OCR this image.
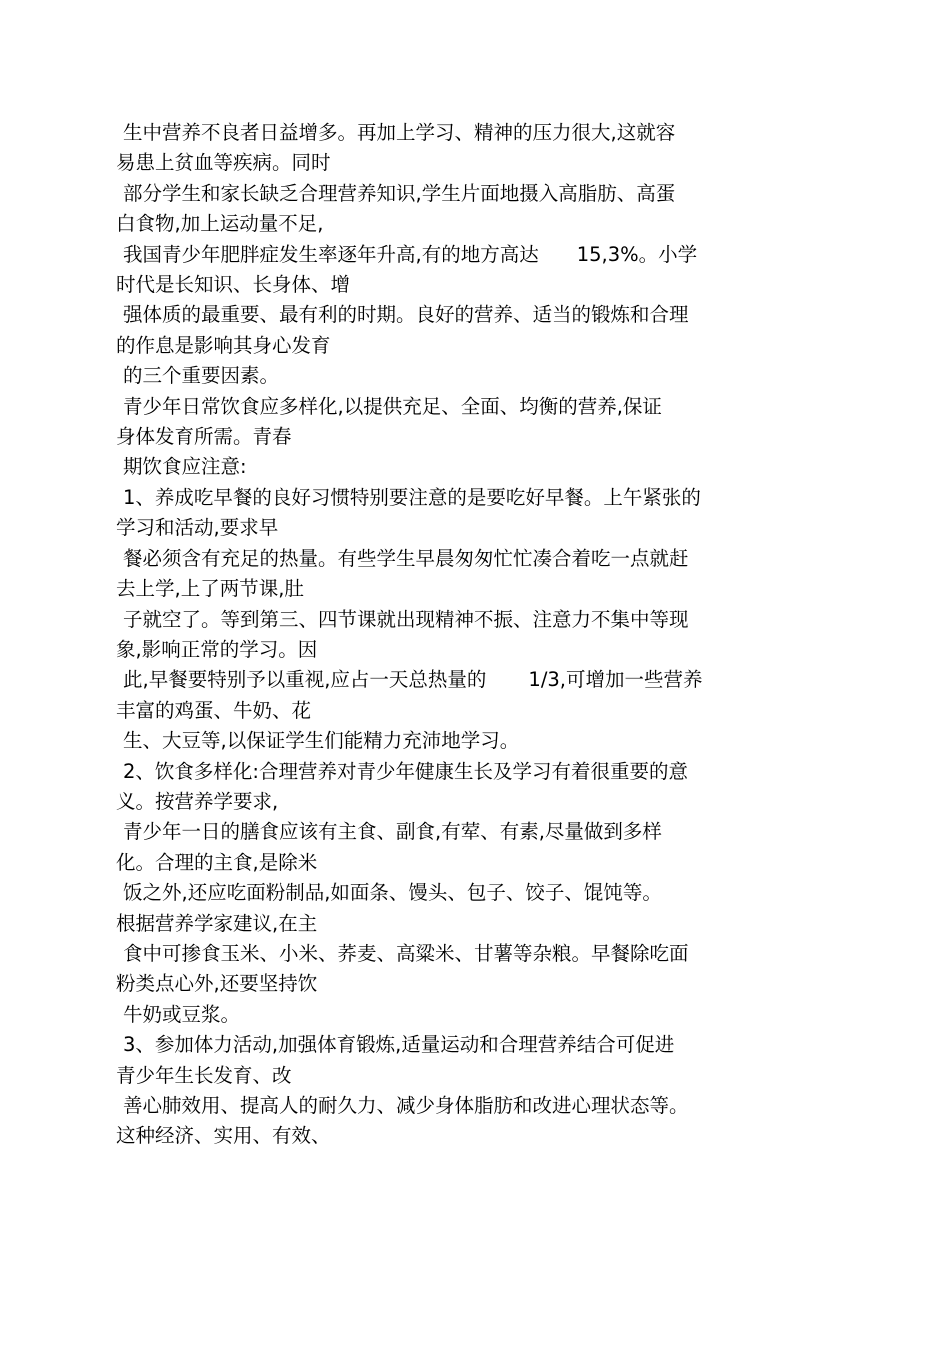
生中营养不良者日益增多。再加上学习、精神的压力很大,这就容
易患上贫血等疾病。同时

部分学生和家长缺乏合理营养知识,学生片面地摄入高脂肪、高蛋
白食物,加上运动量不足,

我国青少年肥胖症发生率逐年升高,有的地方高达 15,3%。小学
时代是长知识、长身体、增

强体质的最重要、最有利的时期。良好的营养、适当的锻炼和合理
的作息是影响其身心发育

的三个重要因素。

青少年日常饮食应多样化,以提供充足、全面、均衡的营养,保证
身体发育所需。青春

期饮食应注意:

1、养成吃早餐的良好习惯特别要注意的是要吃好早餐。上午紧张的
学习和活动,要求早

餐必须含有充足的热量。有些学生早晨匆匆忙忙凑合着吃一点就赶
去上学,上了两节课,肚

子就空了。等到第三、四节课就出现精神不振、注意力不集中等现
象,影响正常的学习。因

此,早餐要特别予以重视,应占一天总热量的 1/3,可增加一些营养
丰富的鸡蛋、牛奶、花

生、大豆等,以保证学生们能精力充沛地学习。

2、饮食多样化:合理营养对青少年健康生长及学习有着很重要的意
义。按营养学要求,

青少年一日的膳食应该有主食、副食,有荤、有素,尽量做到多样
化。合理的主食,是除米

饭之外,还应吃面粉制品,如面条、馒头、包子、饺子、馄饨等。
根据营养学家建议,在主

食中可掺食玉米、小米、荞麦、高粱米、甘薯等杂粮。早餐除吃面
粉类点心外,还要坚持饮

牛奶或豆浆。

3、参加体力活动,加强体育锻炼,适量运动和合理营养结合可促进
青少年生长发育、改

善心肺效用、提高人的耐久力、减少身体脂肪和改进心理状态等。
这种经济、实用、有效、
